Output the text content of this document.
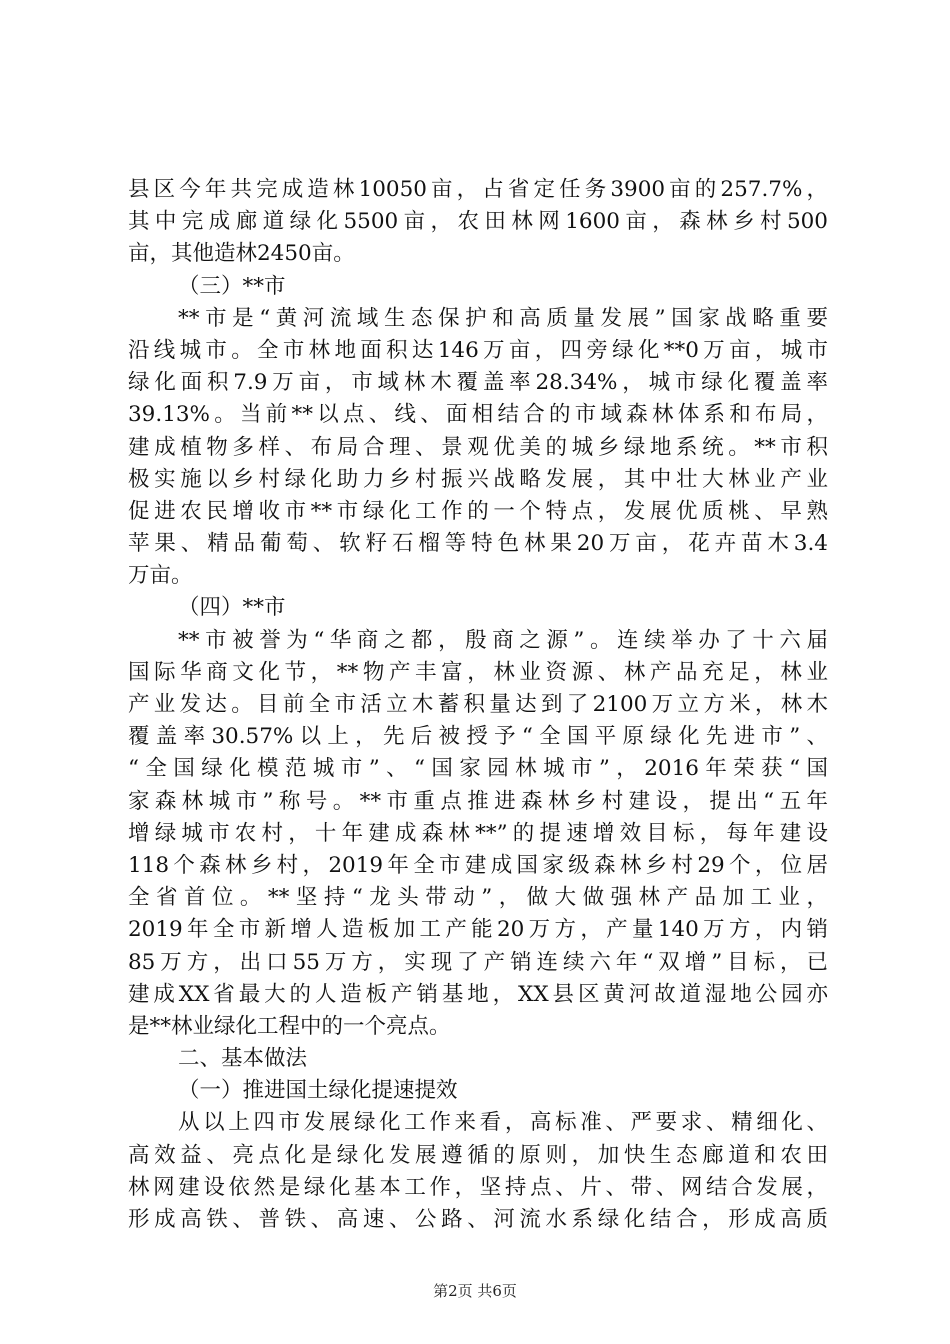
县区今年共完成造林10050亩，占省定任务3900亩的257.7%，
其中完成廊道绿化5500亩，农田林网1600亩，森林乡村500
亩，其他造林2450亩。
（三）**市
**市是“黄河流域生态保护和高质量发展”国家战略重要
沿线城市。全市林地面积达146万亩，四旁绿化**0万亩，城市
绿化面积7.9万亩，市域林木覆盖率28.34%，城市绿化覆盖率
39.13%。当前**以点、线、面相结合的市域森林体系和布局，
建成植物多样、布局合理、景观优美的城乡绿地系统。**市积
极实施以乡村绿化助力乡村振兴战略发展，其中壮大林业产业
促进农民增收市**市绿化工作的一个特点，发展优质桃、早熟
苹果、精品葡萄、软籽石榴等特色林果20万亩，花卉苗木3.4
万亩。
（四）**市
**市被誉为“华商之都，殷商之源”。连续举办了十六届
国际华商文化节，**物产丰富，林业资源、林产品充足，林业
产业发达。目前全市活立木蓄积量达到了2100万立方米，林木
覆盖率30.57%以上，先后被授予“全国平原绿化先进市”、
“全国绿化模范城市”、“国家园林城市”，2016年荣获“国
家森林城市”称号。**市重点推进森林乡村建设，提出“五年
增绿城市农村，十年建成森林**”的提速增效目标，每年建设
118个森林乡村，2019年全市建成国家级森林乡村29个，位居
全省首位。**坚持“龙头带动”，做大做强林产品加工业，
2019年全市新增人造板加工产能20万方，产量140万方，内销
85万方，出口55万方，实现了产销连续六年“双增”目标，已
建成XX省最大的人造板产销基地，XX县区黄河故道湿地公园亦
是**林业绿化工程中的一个亮点。
二、基本做法
（一）推进国土绿化提速提效
从以上四市发展绿化工作来看，高标准、严要求、精细化、
高效益、亮点化是绿化发展遵循的原则，加快生态廊道和农田
林网建设依然是绿化基本工作，坚持点、片、带、网结合发展，
形成高铁、普铁、高速、公路、河流水系绿化结合，形成高质
第2页 共6页
